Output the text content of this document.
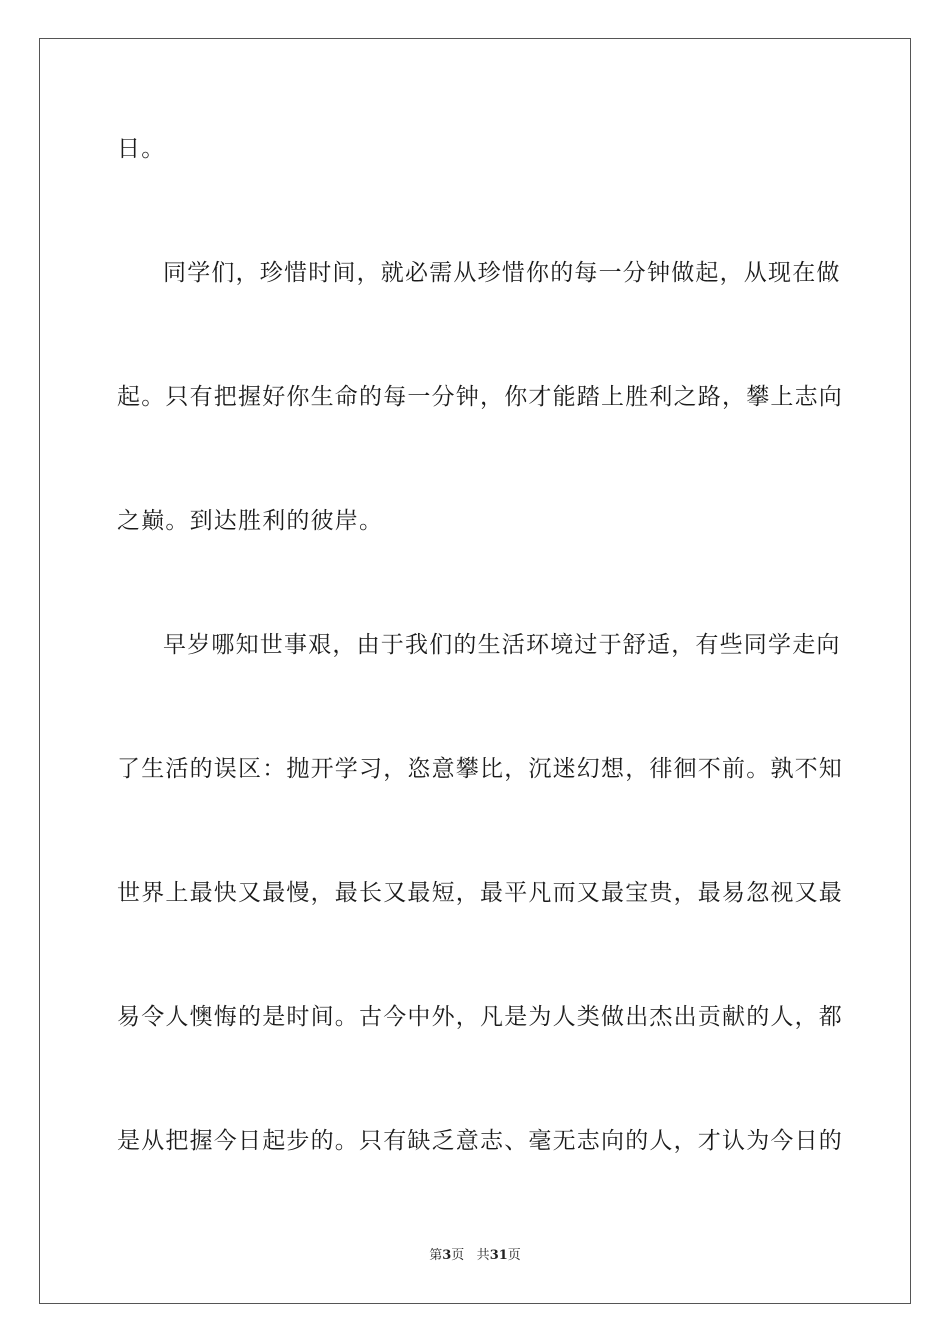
日。
同学们，珍惜时间，就必需从珍惜你的每一分钟做起，从现在做
起。只有把握好你生命的每一分钟，你才能踏上胜利之路，攀上志向
之巅。到达胜利的彼岸。
早岁哪知世事艰，由于我们的生活环境过于舒适，有些同学走向
了生活的误区：抛开学习，恣意攀比，沉迷幻想，徘徊不前。孰不知
世界上最快又最慢，最长又最短，最平凡而又最宝贵，最易忽视又最
易令人懊悔的是时间。古今中外，凡是为人类做出杰出贡献的人，都
是从把握今日起步的。只有缺乏意志、毫无志向的人，才认为今日的
第3页 共31页
